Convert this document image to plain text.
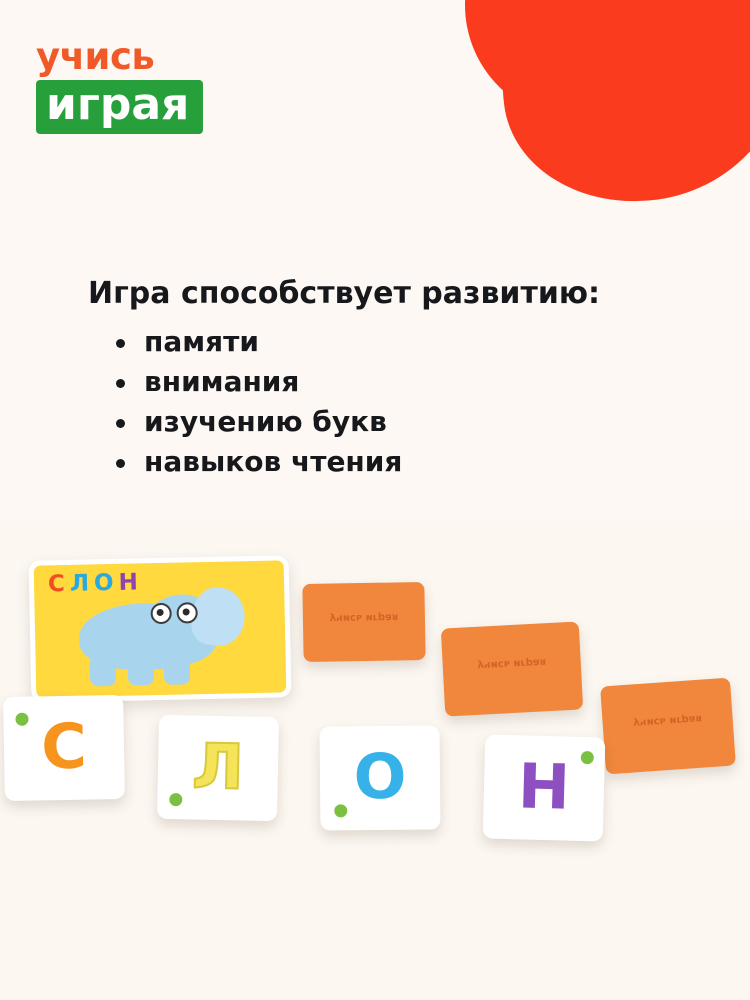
учись
играя
Игра способствует развитию:
памяти
внимания
изучению букв
навыков чтения
учись играя
учись играя
учись играя
СЛОН
С	Л	О	Н
